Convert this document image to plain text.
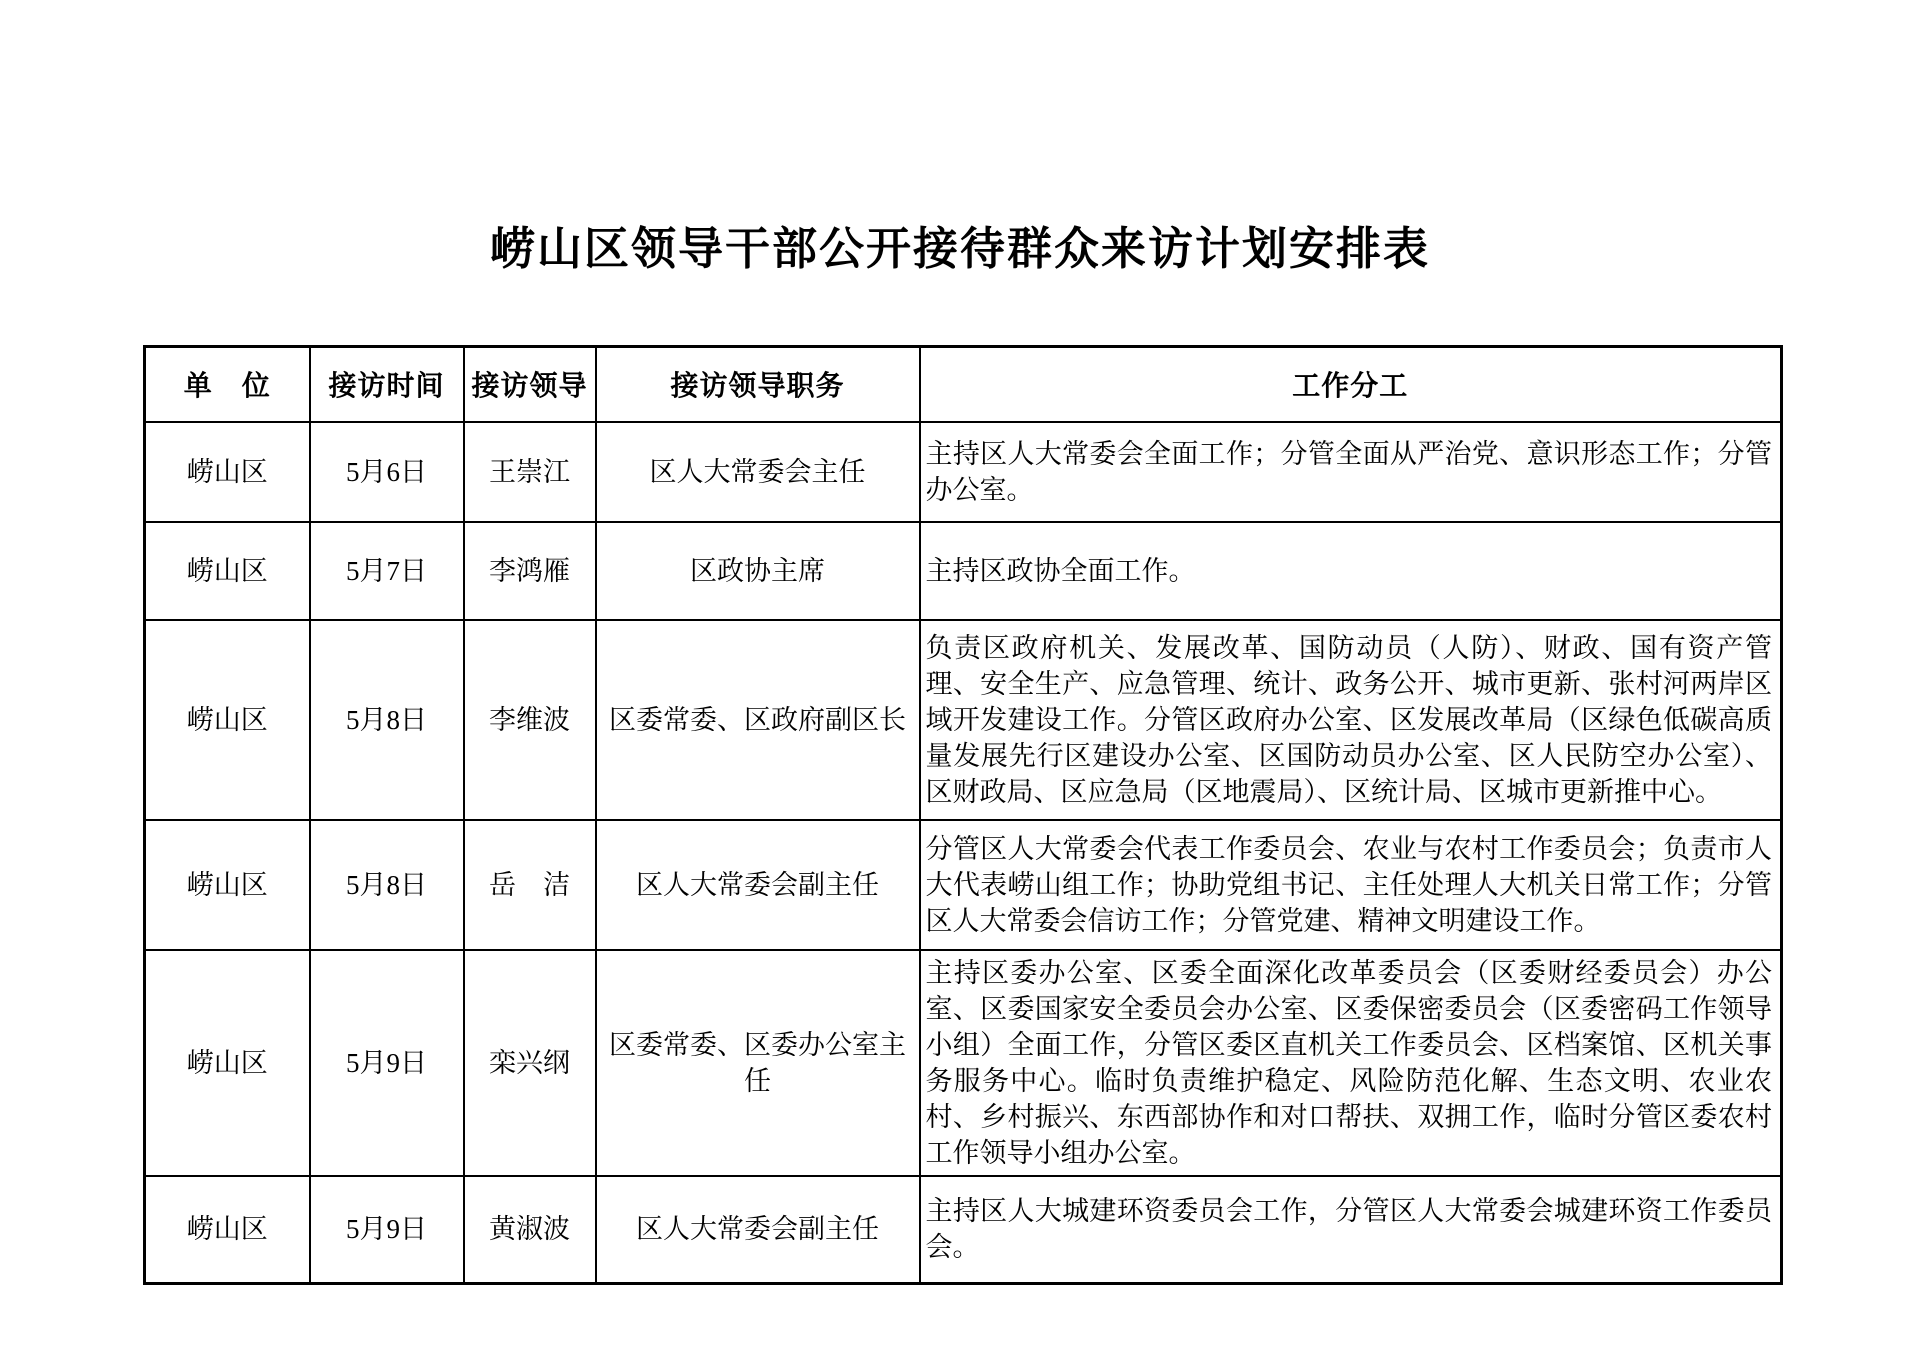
崂山区领导干部公开接待群众来访计划安排表
单　位	接访时间	接访领导	接访领导职务	工作分工
崂山区	5月6日	王崇江	区人大常委会主任	主持区人大常委会全面工作；分管全面从严治党、意识形态工作；分管办公室。
崂山区	5月7日	李鸿雁	区政协主席	主持区政协全面工作。
崂山区	5月8日	李维波	区委常委、区政府副区长	负责区政府机关、发展改革、国防动员（人防）、财政、国有资产管理、安全生产、应急管理、统计、政务公开、城市更新、张村河两岸区域开发建设工作。分管区政府办公室、区发展改革局（区绿色低碳高质量发展先行区建设办公室、区国防动员办公室、区人民防空办公室）、区财政局、区应急局（区地震局）、区统计局、区城市更新推中心。
崂山区	5月8日	岳　洁	区人大常委会副主任	分管区人大常委会代表工作委员会、农业与农村工作委员会；负责市人大代表崂山组工作；协助党组书记、主任处理人大机关日常工作；分管区人大常委会信访工作；分管党建、精神文明建设工作。
崂山区	5月9日	栾兴纲	区委常委、区委办公室主任	主持区委办公室、区委全面深化改革委员会（区委财经委员会）办公室、区委国家安全委员会办公室、区委保密委员会（区委密码工作领导小组）全面工作，分管区委区直机关工作委员会、区档案馆、区机关事务服务中心。临时负责维护稳定、风险防范化解、生态文明、农业农村、乡村振兴、东西部协作和对口帮扶、双拥工作，临时分管区委农村工作领导小组办公室。
崂山区	5月9日	黄淑波	区人大常委会副主任	主持区人大城建环资委员会工作，分管区人大常委会城建环资工作委员会。
